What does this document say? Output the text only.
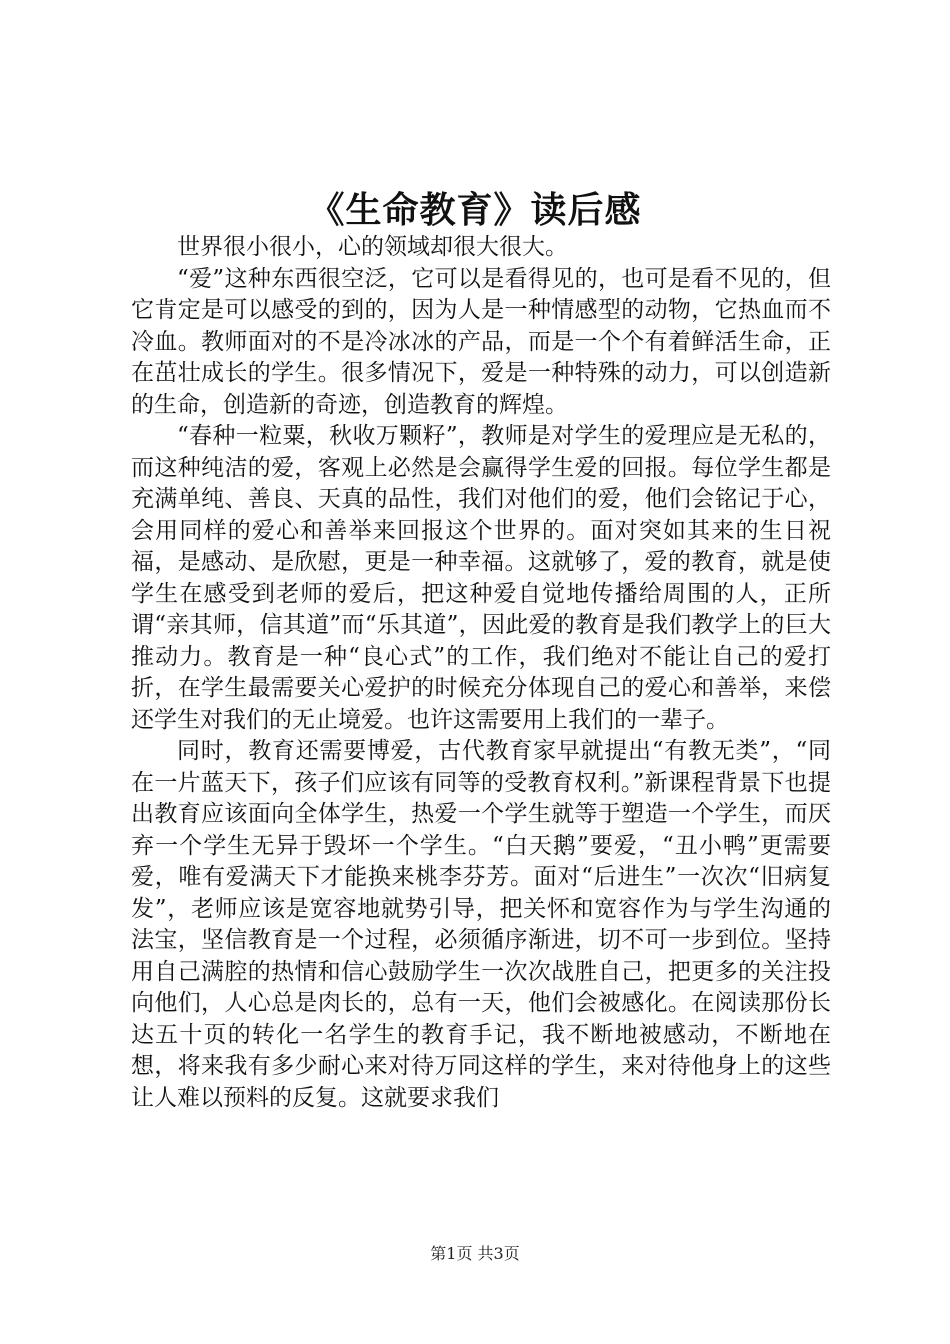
《生命教育》读后感

世界很小很小，心的领域却很大很大。

“爱”这种东西很空泛，它可以是看得见的，也可是看不见的，但它肯定是可以感受的到的，因为人是一种情感型的动物，它热血而不冷血。教师面对的不是冷冰冰的产品，而是一个个有着鲜活生命，正在茁壮成长的学生。很多情况下，爱是一种特殊的动力，可以创造新的生命，创造新的奇迹，创造教育的辉煌。

“春种一粒粟，秋收万颗籽”，教师是对学生的爱理应是无私的，而这种纯洁的爱，客观上必然是会赢得学生爱的回报。每位学生都是充满单纯、善良、天真的品性，我们对他们的爱，他们会铭记于心，会用同样的爱心和善举来回报这个世界的。面对突如其来的生日祝福，是感动、是欣慰，更是一种幸福。这就够了，爱的教育，就是使学生在感受到老师的爱后，把这种爱自觉地传播给周围的人，正所谓“亲其师，信其道”而“乐其道”，因此爱的教育是我们教学上的巨大推动力。教育是一种“良心式”的工作，我们绝对不能让自己的爱打折，在学生最需要关心爱护的时候充分体现自己的爱心和善举，来偿还学生对我们的无止境爱。也许这需要用上我们的一辈子。

同时，教育还需要博爱，古代教育家早就提出“有教无类”，“同在一片蓝天下，孩子们应该有同等的受教育权利。”新课程背景下也提出教育应该面向全体学生，热爱一个学生就等于塑造一个学生，而厌弃一个学生无异于毁坏一个学生。“白天鹅”要爱，“丑小鸭”更需要爱，唯有爱满天下才能换来桃李芬芳。面对“后进生”一次次“旧病复发”，老师应该是宽容地就势引导，把关怀和宽容作为与学生沟通的法宝，坚信教育是一个过程，必须循序渐进，切不可一步到位。坚持用自己满腔的热情和信心鼓励学生一次次战胜自己，把更多的关注投向他们，人心总是肉长的，总有一天，他们会被感化。在阅读那份长达五十页的转化一名学生的教育手记，我不断地被感动，不断地在想，将来我有多少耐心来对待万同这样的学生，来对待他身上的这些让人难以预料的反复。这就要求我们

第1页 共3页
